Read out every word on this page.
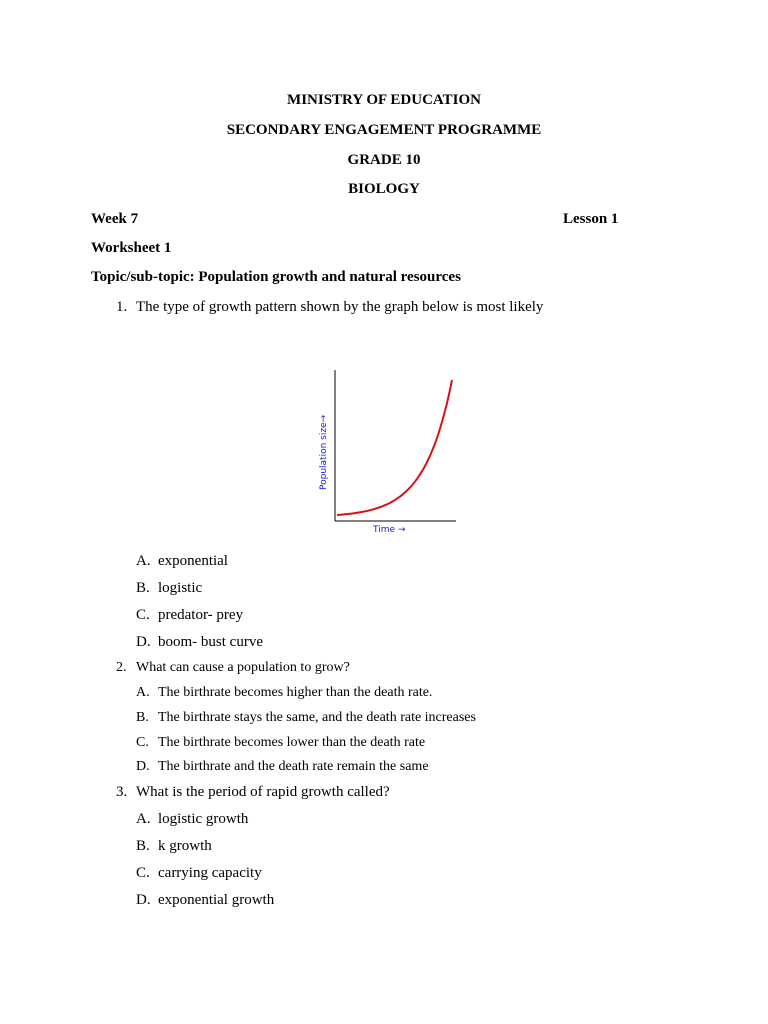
MINISTRY OF EDUCATION
SECONDARY ENGAGEMENT PROGRAMME
GRADE 10
BIOLOGY
Week 7	Lesson 1
Worksheet 1
Topic/sub-topic: Population growth and natural resources
1. The type of growth pattern shown by the graph below is most likely
Population size→
Time →
A. exponential
B. logistic
C. predator- prey
D. boom- bust curve
2. What can cause a population to grow?
A. The birthrate becomes higher than the death rate.
B. The birthrate stays the same, and the death rate increases
C. The birthrate becomes lower than the death rate
D. The birthrate and the death rate remain the same
3. What is the period of rapid growth called?
A. logistic growth
B. k growth
C. carrying capacity
D. exponential growth
